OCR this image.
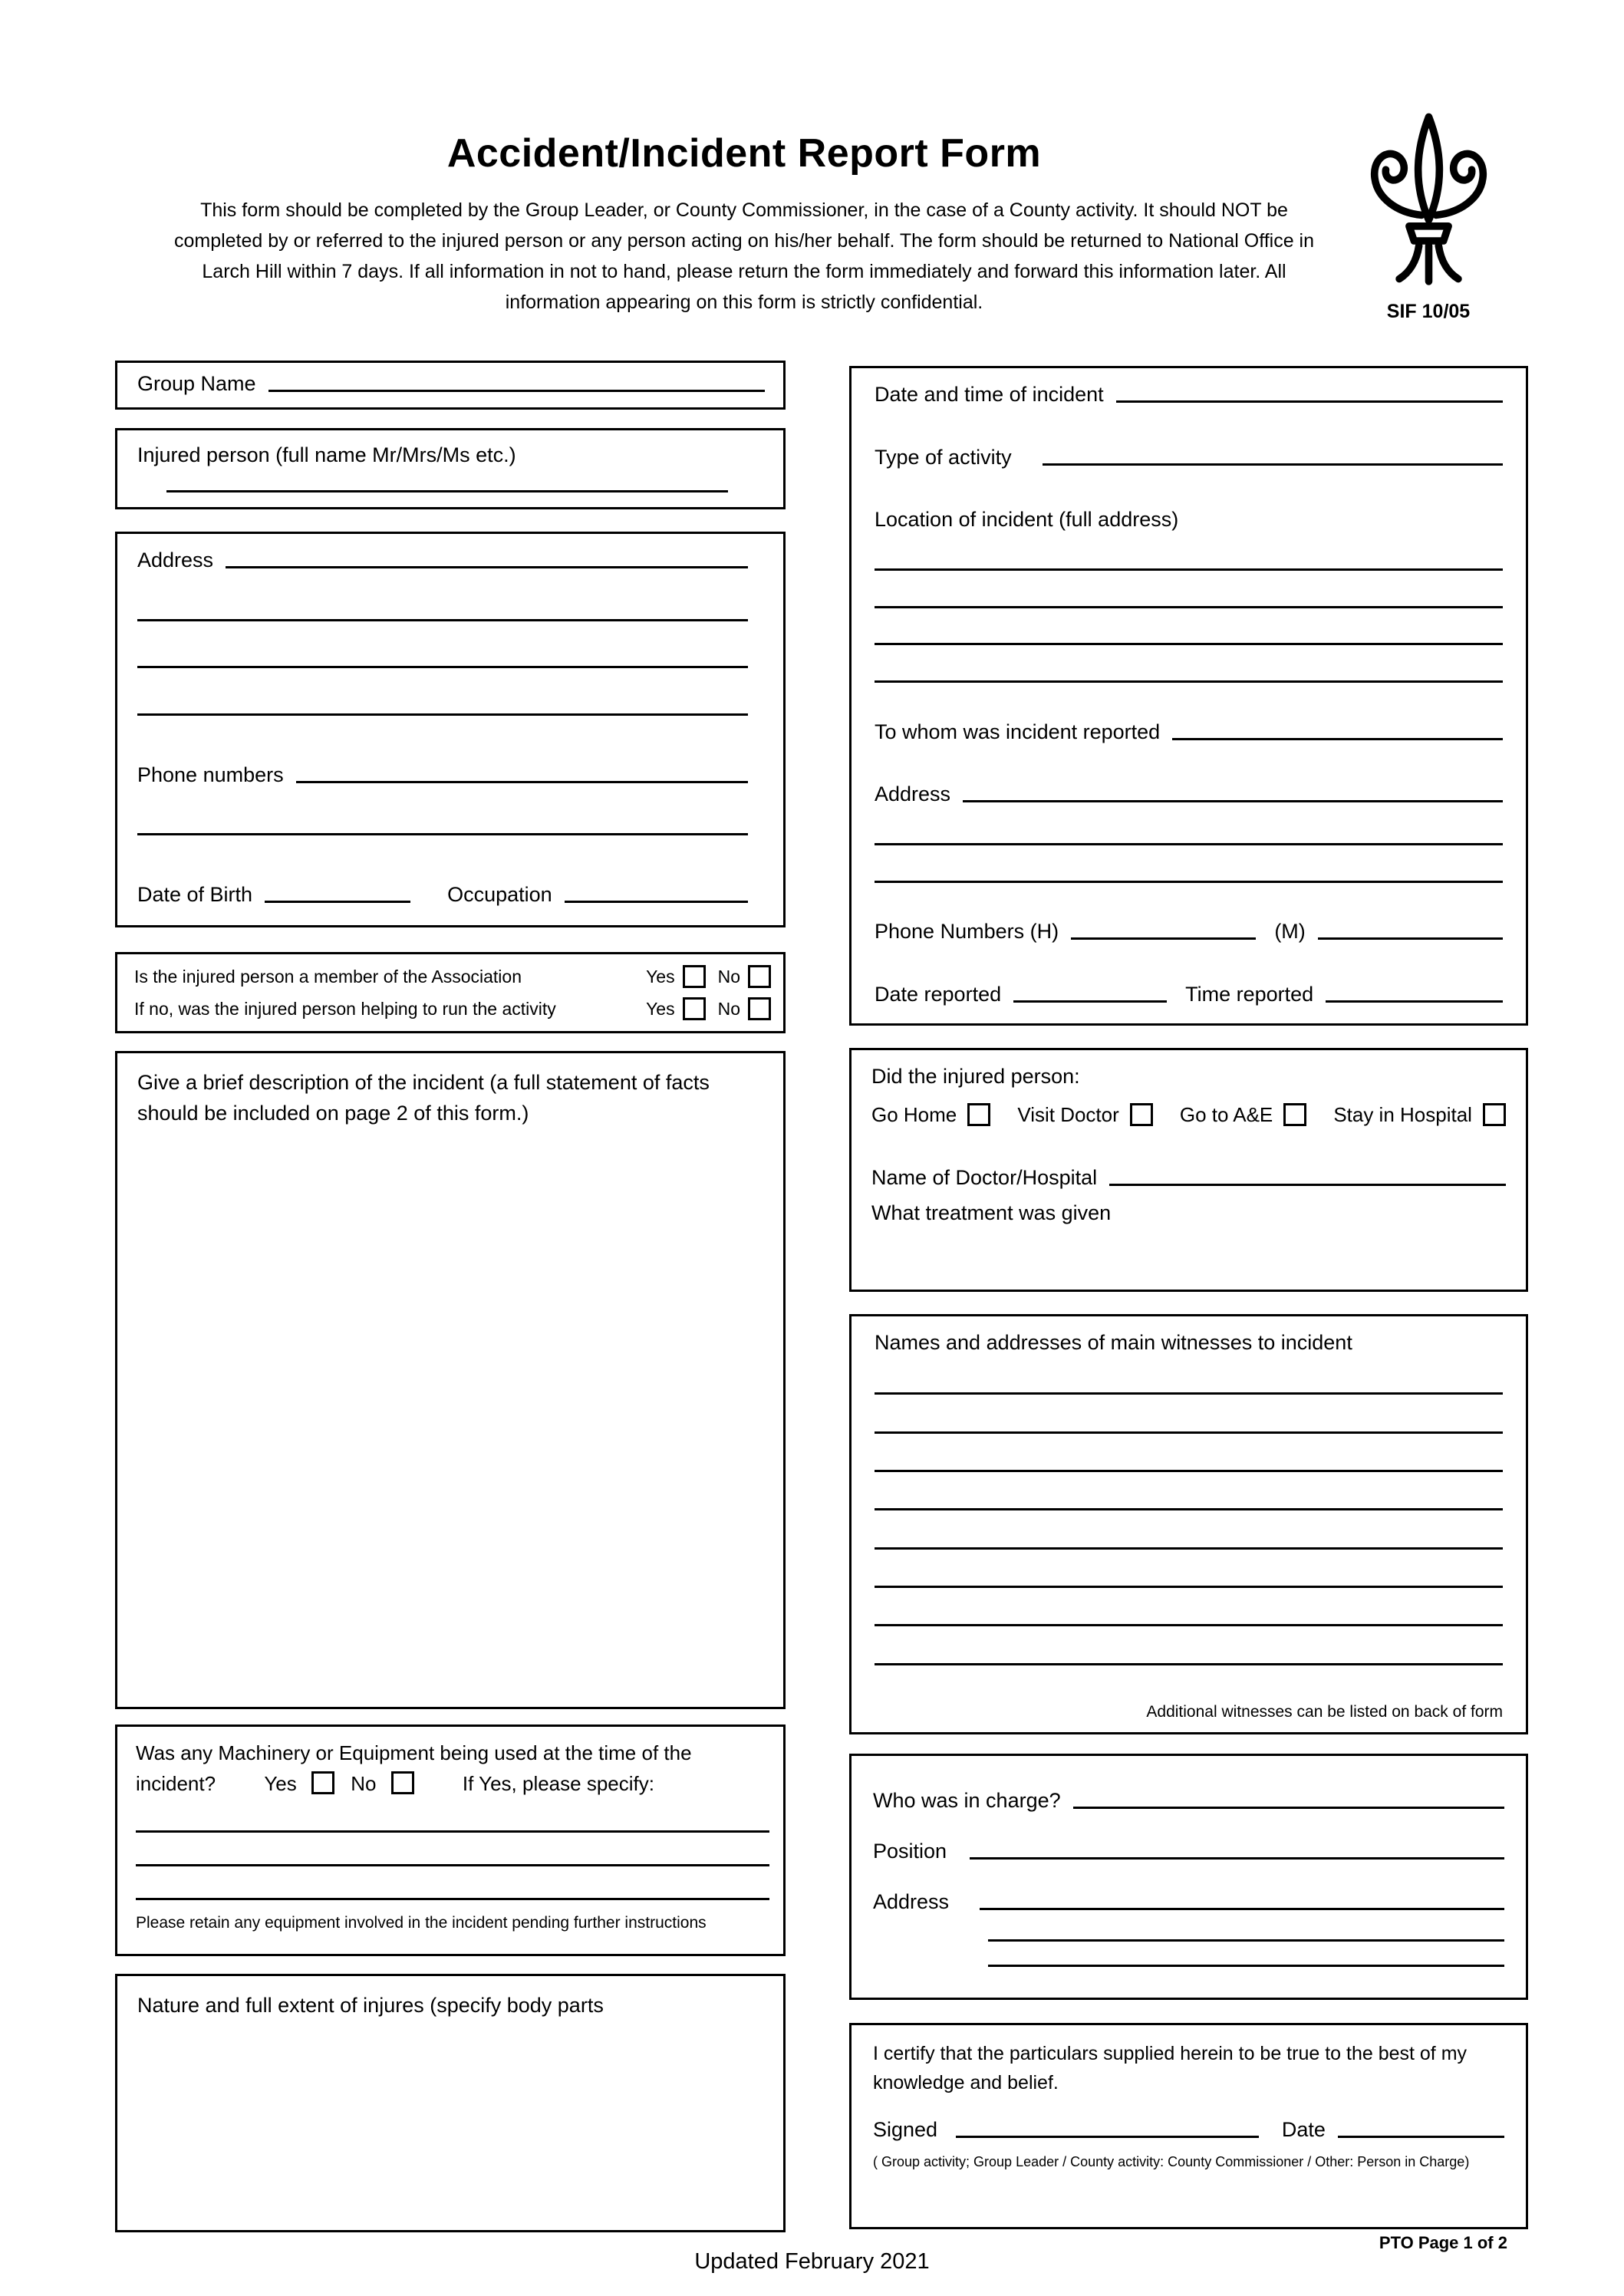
Accident/Incident Report Form
This form should be completed by the Group Leader, or County Commissioner, in the case of a County activity. It should NOT be
completed by or referred to the injured person or any person acting on his/her behalf. The form should be returned to National Office in
Larch Hill within 7 days. If all information in not to hand, please return the form immediately and forward this information later. All
information appearing on this form is strictly confidential.	SIF 10/05
Group Name
Injured person (full name Mr/Mrs/Ms etc.)
Address
Phone numbers
Date of Birth	Occupation
Is the injured person a member of the Association	Yes No
If no, was the injured person helping to run the activity	Yes No
Give a brief description of the incident (a full statement of facts should be included on page 2 of this form.)
Was any Machinery or Equipment being used at the time of the incident? Yes	No	If Yes, please specify:
Please retain any equipment involved in the incident pending further instructions
Nature and full extent of injures (specify body parts
Date and time of incident
Type of activity
Location of incident (full address)
To whom was incident reported
Address
Phone Numbers (H)	(M)
Date reported	Time reported
Did the injured person:
Go Home	Visit Doctor	Go to A&E	Stay in Hospital
Name of Doctor/Hospital
What treatment was given
Names and addresses of main witnesses to incident
Additional witnesses can be listed on back of form
Who was in charge?
Position
Address
I certify that the particulars supplied herein to be true to the best of my knowledge and belief.
Signed	Date
( Group activity; Group Leader / County activity: County Commissioner / Other: Person in Charge)
Updated February 2021
PTO Page 1 of 2
